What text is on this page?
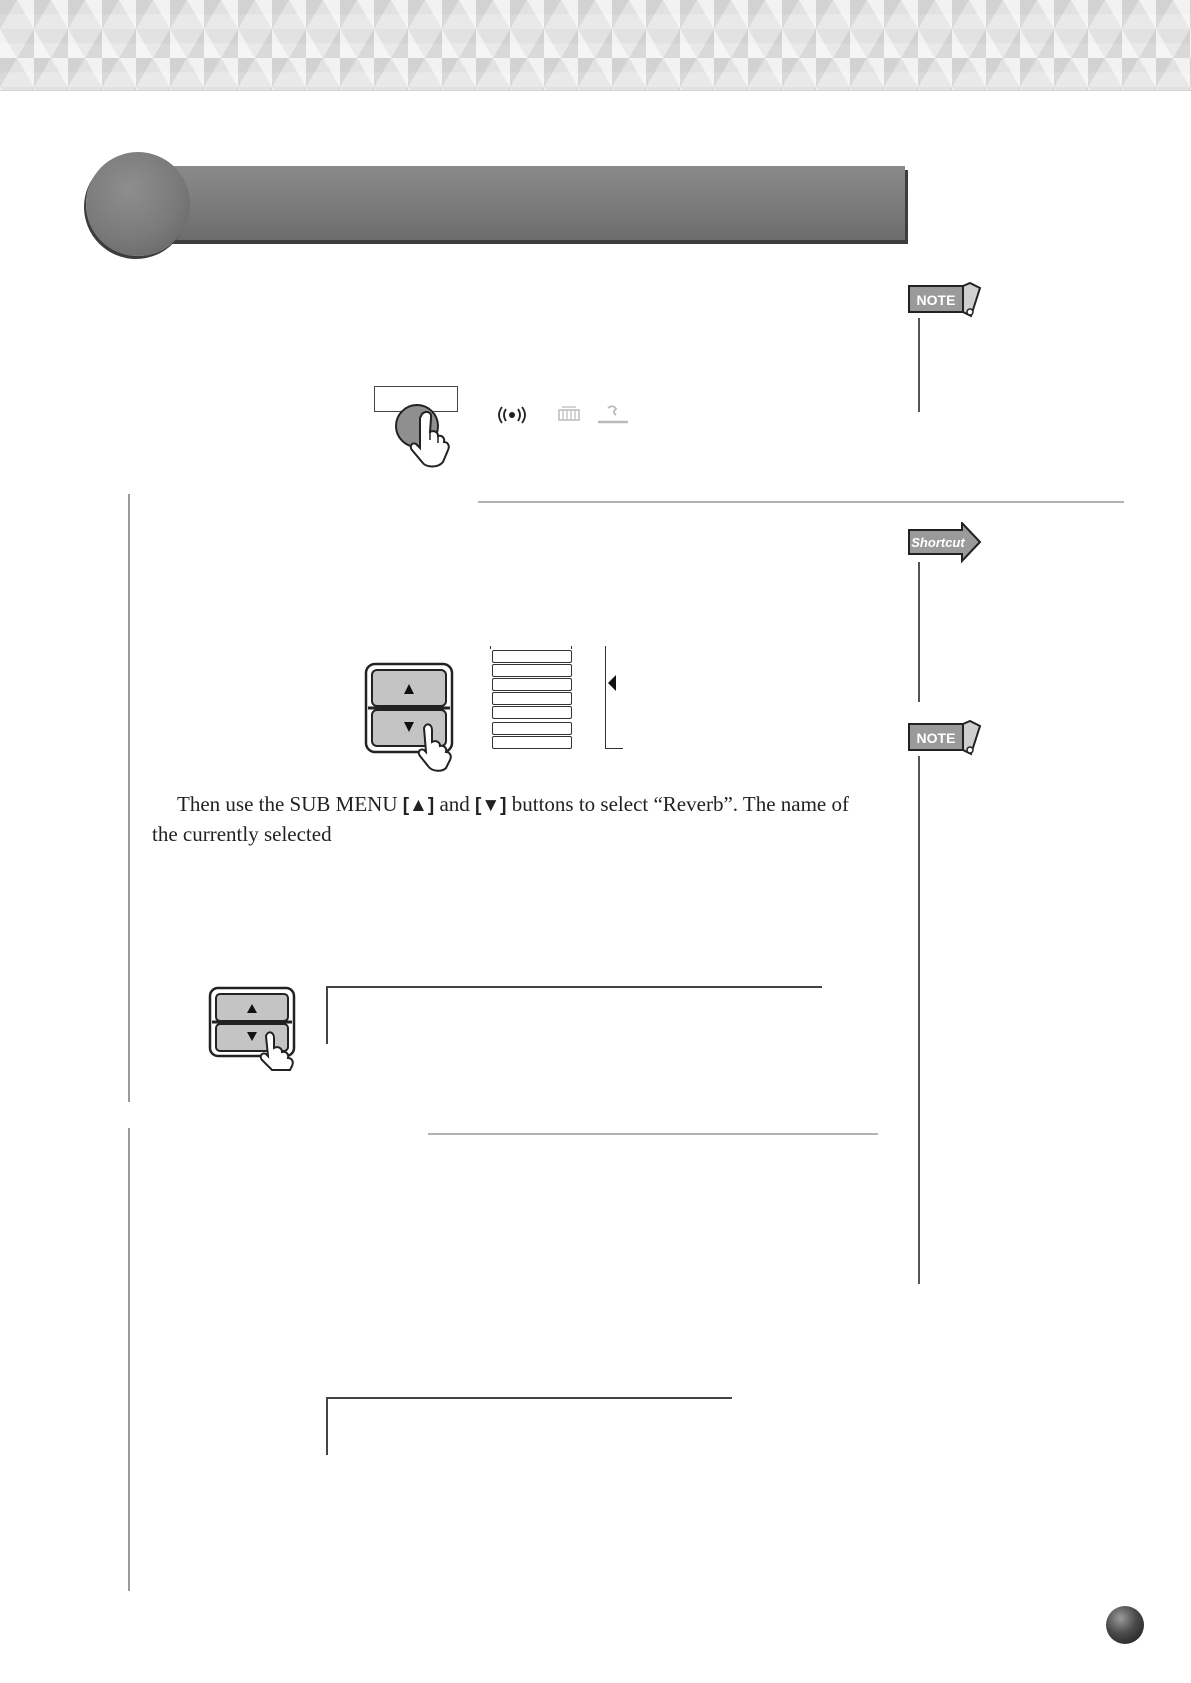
NOTE
Shortcut
NOTE
Then use the SUB MENU [▲] and [▼] buttons to select “Reverb”. The name of
the currently selected
